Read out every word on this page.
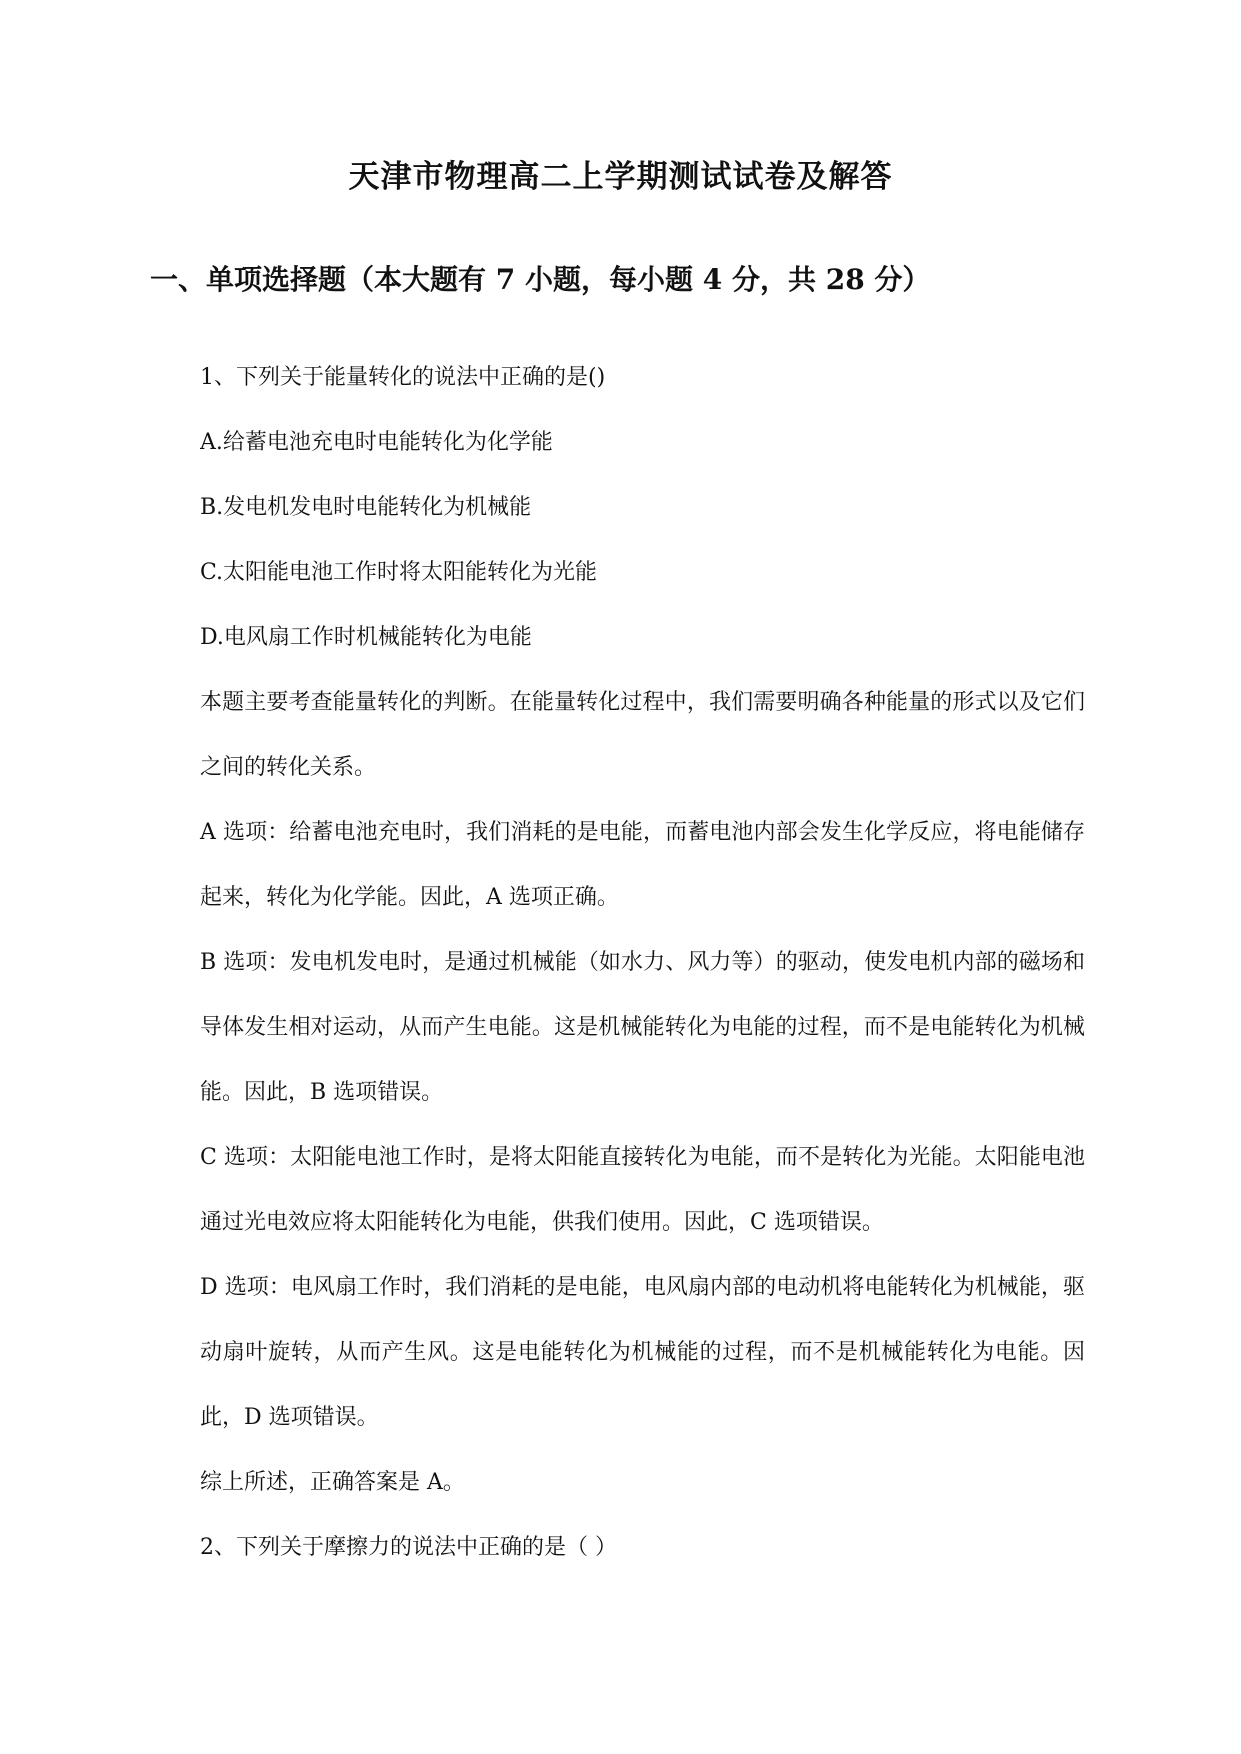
天津市物理高二上学期测试试卷及解答
一、单项选择题（本大题有 7 小题，每小题 4 分，共 28 分）

1、下列关于能量转化的说法中正确的是()

A.给蓄电池充电时电能转化为化学能

B.发电机发电时电能转化为机械能

C.太阳能电池工作时将太阳能转化为光能

D.电风扇工作时机械能转化为电能

本题主要考查能量转化的判断。在能量转化过程中，我们需要明确各种能量的形式以及它们之间的转化关系。

A 选项：给蓄电池充电时，我们消耗的是电能，而蓄电池内部会发生化学反应，将电能储存起来，转化为化学能。因此，A 选项正确。

B 选项：发电机发电时，是通过机械能（如水力、风力等）的驱动，使发电机内部的磁场和导体发生相对运动，从而产生电能。这是机械能转化为电能的过程，而不是电能转化为机械能。因此，B 选项错误。

C 选项：太阳能电池工作时，是将太阳能直接转化为电能，而不是转化为光能。太阳能电池通过光电效应将太阳能转化为电能，供我们使用。因此，C 选项错误。

D 选项：电风扇工作时，我们消耗的是电能，电风扇内部的电动机将电能转化为机械能，驱动扇叶旋转，从而产生风。这是电能转化为机械能的过程，而不是机械能转化为电能。因此，D 选项错误。

综上所述，正确答案是 A。

2、下列关于摩擦力的说法中正确的是（ ）
